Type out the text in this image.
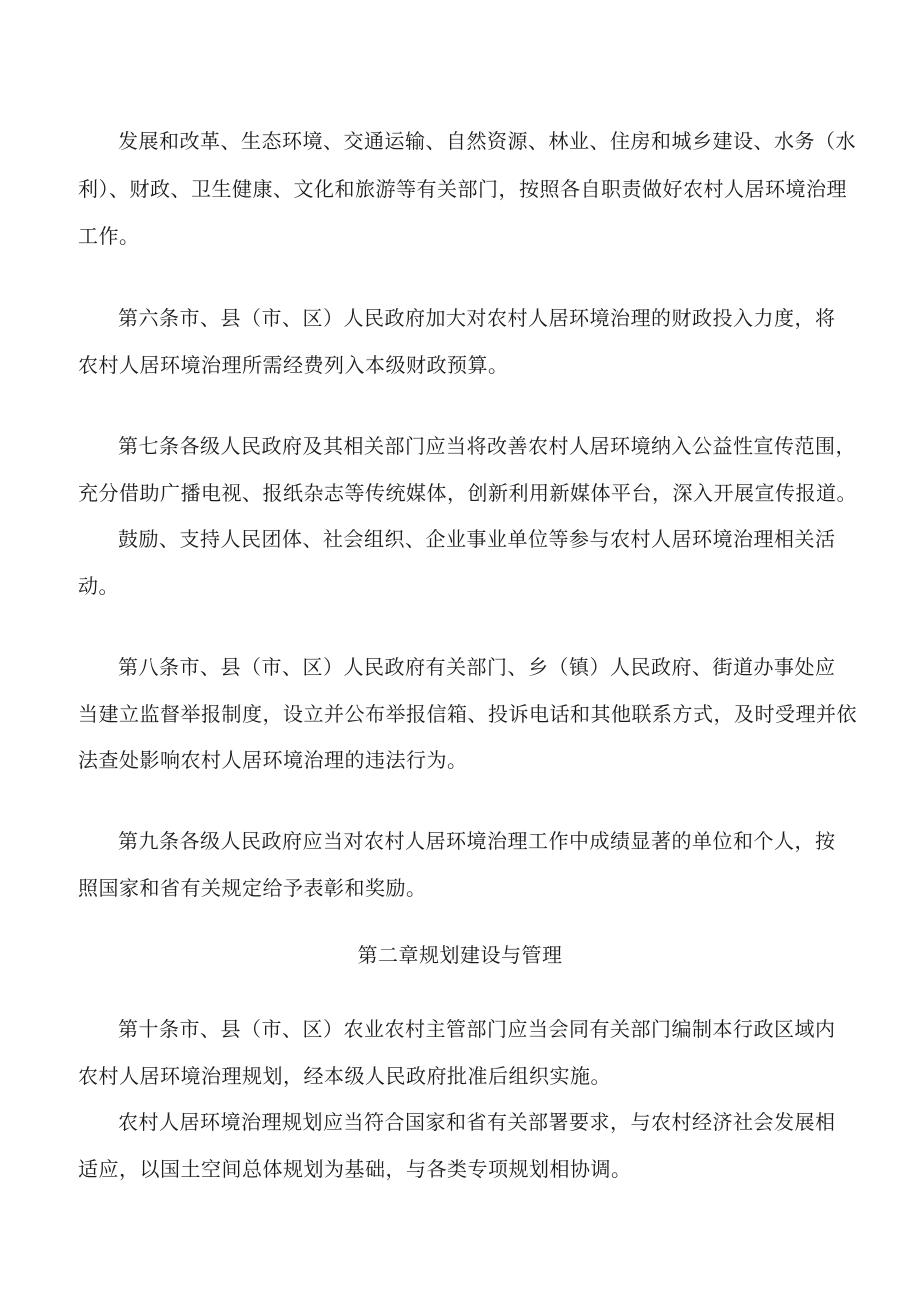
发展和改革、生态环境、交通运输、自然资源、林业、住房和城乡建设、水务（水
利）、财政、卫生健康、文化和旅游等有关部门，按照各自职责做好农村人居环境治理
工作。
第六条市、县（市、区）人民政府加大对农村人居环境治理的财政投入力度，将
农村人居环境治理所需经费列入本级财政预算。
第七条各级人民政府及其相关部门应当将改善农村人居环境纳入公益性宣传范围，
充分借助广播电视、报纸杂志等传统媒体，创新利用新媒体平台，深入开展宣传报道。
鼓励、支持人民团体、社会组织、企业事业单位等参与农村人居环境治理相关活
动。
第八条市、县（市、区）人民政府有关部门、乡（镇）人民政府、街道办事处应
当建立监督举报制度，设立并公布举报信箱、投诉电话和其他联系方式，及时受理并依
法查处影响农村人居环境治理的违法行为。
第九条各级人民政府应当对农村人居环境治理工作中成绩显著的单位和个人，按
照国家和省有关规定给予表彰和奖励。
第二章规划建设与管理
第十条市、县（市、区）农业农村主管部门应当会同有关部门编制本行政区域内
农村人居环境治理规划，经本级人民政府批准后组织实施。
农村人居环境治理规划应当符合国家和省有关部署要求，与农村经济社会发展相
适应，以国土空间总体规划为基础，与各类专项规划相协调。
